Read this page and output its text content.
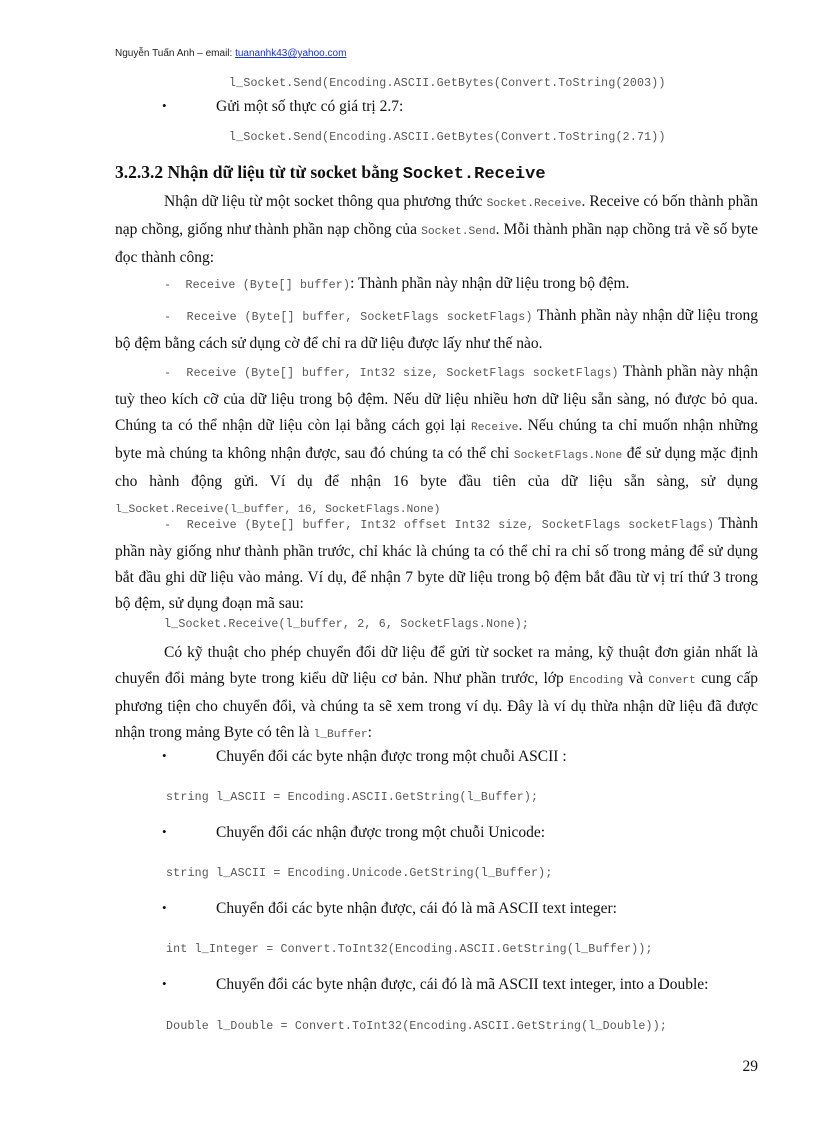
Nguyễn Tuấn Anh – email: tuananhk43@yahoo.com
l_Socket.Send(Encoding.ASCII.GetBytes(Convert.ToString(2003))
•	Gửi một số thực có giá trị 2.7:
l_Socket.Send(Encoding.ASCII.GetBytes(Convert.ToString(2.71))
3.2.3.2 Nhận dữ liệu từ từ socket bằng Socket.Receive

Nhận dữ liệu từ một socket thông qua phương thức Socket.Receive. Receive có bốn thành phần nạp chồng, giống như thành phần nạp chồng của Socket.Send. Mỗi thành phần nạp chồng trả về số byte đọc thành công:

-  Receive (Byte[] buffer): Thành phần này nhận dữ liệu trong bộ đệm.

-  Receive (Byte[] buffer, SocketFlags socketFlags) Thành phần này nhận dữ liệu trong bộ đệm bằng cách sử dụng cờ để chỉ ra dữ liệu được lấy như thế nào.

-  Receive (Byte[] buffer, Int32 size, SocketFlags socketFlags) Thành phần này nhận tuỳ theo kích cỡ của dữ liệu trong bộ đệm. Nếu dữ liệu nhiều hơn dữ liệu sẵn sàng, nó được bỏ qua. Chúng ta có thể nhận dữ liệu còn lại bằng cách gọi lại Receive. Nếu chúng ta chỉ muốn nhận những byte mà chúng ta không nhận được, sau đó chúng ta có thể chỉ SocketFlags.None để sử dụng mặc định cho hành động gửi. Ví dụ để nhận 16 byte đầu tiên của dữ liệu sẵn sàng, sử dụng l_Socket.Receive(l_buffer, 16, SocketFlags.None)

-  Receive (Byte[] buffer, Int32 offset Int32 size, SocketFlags socketFlags) Thành phần này giống như thành phần trước, chỉ khác là chúng ta có thể chỉ ra chỉ số trong mảng để sử dụng bắt đầu ghi dữ liệu vào mảng. Ví dụ, để nhận 7 byte dữ liệu trong bộ đệm bắt đầu từ vị trí thứ 3 trong bộ đệm, sử dụng đoạn mã sau:

l_Socket.Receive(l_buffer, 2, 6, SocketFlags.None);

Có kỹ thuật cho phép chuyển đổi dữ liệu để gửi từ socket ra mảng, kỹ thuật đơn giản nhất là chuyển đổi mảng byte trong kiểu dữ liệu cơ bản. Như phần trước, lớp Encoding và Convert cung cấp phương tiện cho chuyển đổi, và chúng ta sẽ xem trong ví dụ. Đây là ví dụ thừa nhận dữ liệu đã được nhận trong mảng Byte có tên là l_Buffer:

•	Chuyển đổi các byte nhận được trong một chuỗi ASCII :
string l_ASCII = Encoding.ASCII.GetString(l_Buffer);
•	Chuyển đổi các nhận được trong một chuỗi Unicode:
string l_ASCII = Encoding.Unicode.GetString(l_Buffer);
•	Chuyển đổi các byte nhận được, cái đó là mã ASCII text integer:
int l_Integer = Convert.ToInt32(Encoding.ASCII.GetString(l_Buffer));
•	Chuyển đổi các byte nhận được, cái đó là mã ASCII text integer, into a Double:
Double l_Double = Convert.ToInt32(Encoding.ASCII.GetString(l_Double));
29
